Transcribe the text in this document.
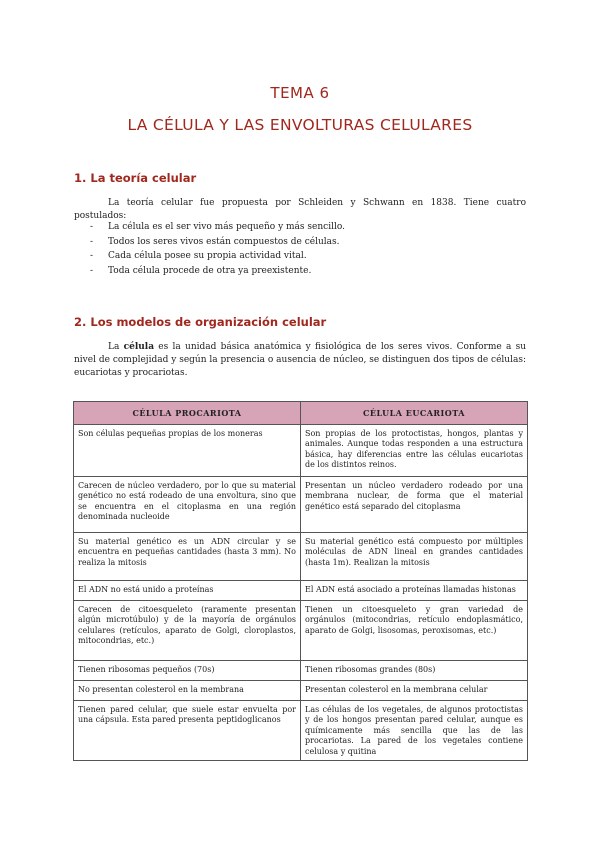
TEMA 6
LA CÉLULA Y LAS ENVOLTURAS CELULARES
1. La teoría celular
La teoría celular fue propuesta por Schleiden y Schwann en 1838. Tiene cuatro postulados:
- La célula es el ser vivo más pequeño y más sencillo.
- Todos los seres vivos están compuestos de células.
- Cada célula posee su propia actividad vital.
- Toda célula procede de otra ya preexistente.
2. Los modelos de organización celular
La célula es la unidad básica anatómica y fisiológica de los seres vivos. Conforme a su nivel de complejidad y según la presencia o ausencia de núcleo, se distinguen dos tipos de células: eucariotas y procariotas.
CÉLULA PROCARIOTA	CÉLULA EUCARIOTA
Son células pequeñas propias de los moneras	Son propias de los protoctistas, hongos, plantas y animales. Aunque todas responden a una estructura básica, hay diferencias entre las células eucariotas de los distintos reinos.
Carecen de núcleo verdadero, por lo que su material genético no está rodeado de una envoltura, sino que se encuentra en el citoplasma en una región denominada nucleoide	Presentan un núcleo verdadero rodeado por una membrana nuclear, de forma que el material genético está separado del citoplasma
Su material genético es un ADN circular y se encuentra en pequeñas cantidades (hasta 3 mm). No realiza la mitosis	Su material genético está compuesto por múltiples moléculas de ADN lineal en grandes cantidades (hasta 1m). Realizan la mitosis
El ADN no está unido a proteínas	El ADN está asociado a proteínas llamadas histonas
Carecen de citoesqueleto (raramente presentan algún microtúbulo) y de la mayoría de orgánulos celulares (retículos, aparato de Golgi, cloroplastos, mitocondrias, etc.)	Tienen un citoesqueleto y gran variedad de orgánulos (mitocondrias, retículo endoplasmático, aparato de Golgi, lisosomas, peroxisomas, etc.)
Tienen ribosomas pequeños (70s)	Tienen ribosomas grandes (80s)
No presentan colesterol en la membrana	Presentan colesterol en la membrana celular
Tienen pared celular, que suele estar envuelta por una cápsula. Esta pared presenta peptidoglicanos	Las células de los vegetales, de algunos protoctistas y de los hongos presentan pared celular, aunque es químicamente más sencilla que las de las procariotas. La pared de los vegetales contiene celulosa y quitina
